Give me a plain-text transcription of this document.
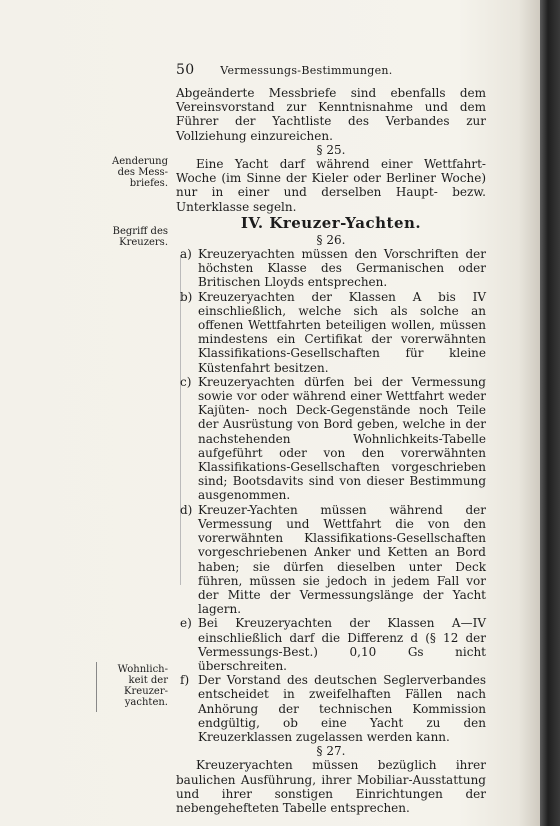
50 Vermessungs-Bestimmungen.
Aenderung
des Mess-
briefes.
Begriff des
Kreuzers.
Wohnlich-
keit der
Kreuzer-
yachten.

Abgeänderte Messbriefe sind ebenfalls dem Vereinsvorstand zur Kenntnisnahme und dem Führer der Yachtliste des Verbandes zur Vollziehung einzureichen.

§ 25.

Eine Yacht darf während einer Wettfahrt-Woche (im Sinne der Kieler oder Berliner Woche) nur in einer und derselben Haupt- bezw. Unterklasse segeln.

IV. Kreuzer-Yachten.

§ 26.

a) Kreuzeryachten müssen den Vorschriften der höchsten Klasse des Germanischen oder Britischen Lloyds entsprechen.
b) Kreuzeryachten der Klassen A bis IV einschließlich, welche sich als solche an offenen Wettfahrten beteiligen wollen, müssen mindestens ein Certifikat der vorerwähnten Klassifikations-Gesellschaften für kleine Küstenfahrt besitzen.
c) Kreuzeryachten dürfen bei der Vermessung sowie vor oder während einer Wettfahrt weder Kajüten- noch Deck-Gegenstände noch Teile der Ausrüstung von Bord geben, welche in der nachstehenden Wohnlichkeits-Tabelle aufgeführt oder von den vorerwähnten Klassifikations-Gesellschaften vorgeschrieben sind; Bootsdavits sind von dieser Bestimmung ausgenommen.
d) Kreuzer-Yachten müssen während der Vermessung und Wettfahrt die von den vorerwähnten Klassifikations-Gesellschaften vorgeschriebenen Anker und Ketten an Bord haben; sie dürfen dieselben unter Deck führen, müssen sie jedoch in jedem Fall vor der Mitte der Vermessungslänge der Yacht lagern.
e) Bei Kreuzeryachten der Klassen A—IV einschließlich darf die Differenz d (§ 12 der Vermessungs-Best.) 0,10 Gs nicht überschreiten.
f) Der Vorstand des deutschen Seglerverbandes entscheidet in zweifelhaften Fällen nach Anhörung der technischen Kommission endgültig, ob eine Yacht zu den Kreuzerklassen zugelassen werden kann.

§ 27.

Kreuzeryachten müssen bezüglich ihrer baulichen Ausführung, ihrer Mobiliar-Ausstattung und ihrer sonstigen Einrichtungen der nebengehefteten Tabelle entsprechen.
